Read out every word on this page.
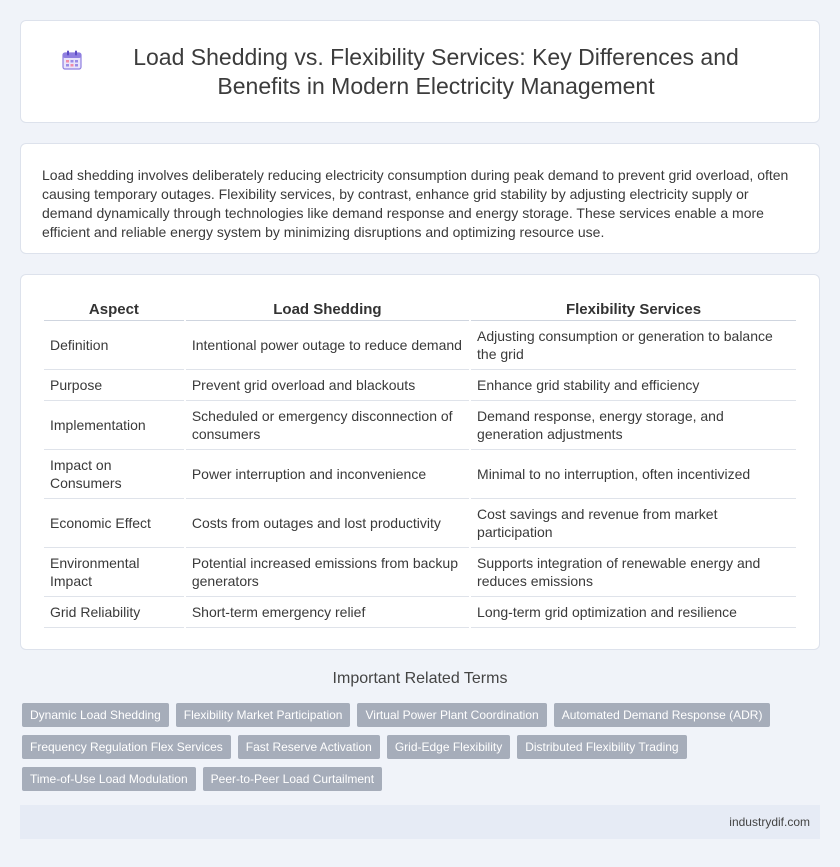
Load Shedding vs. Flexibility Services: Key Differences and Benefits in Modern Electricity Management

Load shedding involves deliberately reducing electricity consumption during peak demand to prevent grid overload, often causing temporary outages. Flexibility services, by contrast, enhance grid stability by adjusting electricity supply or demand dynamically through technologies like demand response and energy storage. These services enable a more efficient and reliable energy system by minimizing disruptions and optimizing resource use.

Aspect	Load Shedding	Flexibility Services
Definition	Intentional power outage to reduce demand	Adjusting consumption or generation to balance the grid
Purpose	Prevent grid overload and blackouts	Enhance grid stability and efficiency
Implementation	Scheduled or emergency disconnection of consumers	Demand response, energy storage, and generation adjustments
Impact on Consumers	Power interruption and inconvenience	Minimal to no interruption, often incentivized
Economic Effect	Costs from outages and lost productivity	Cost savings and revenue from market participation
Environmental Impact	Potential increased emissions from backup generators	Supports integration of renewable energy and reduces emissions
Grid Reliability	Short-term emergency relief	Long-term grid optimization and resilience
Important Related Terms
Dynamic Load Shedding	Flexibility Market Participation	Virtual Power Plant Coordination	Automated Demand Response (ADR)
Frequency Regulation Flex Services	Fast Reserve Activation	Grid-Edge Flexibility	Distributed Flexibility Trading
Time-of-Use Load Modulation	Peer-to-Peer Load Curtailment
industrydif.com
